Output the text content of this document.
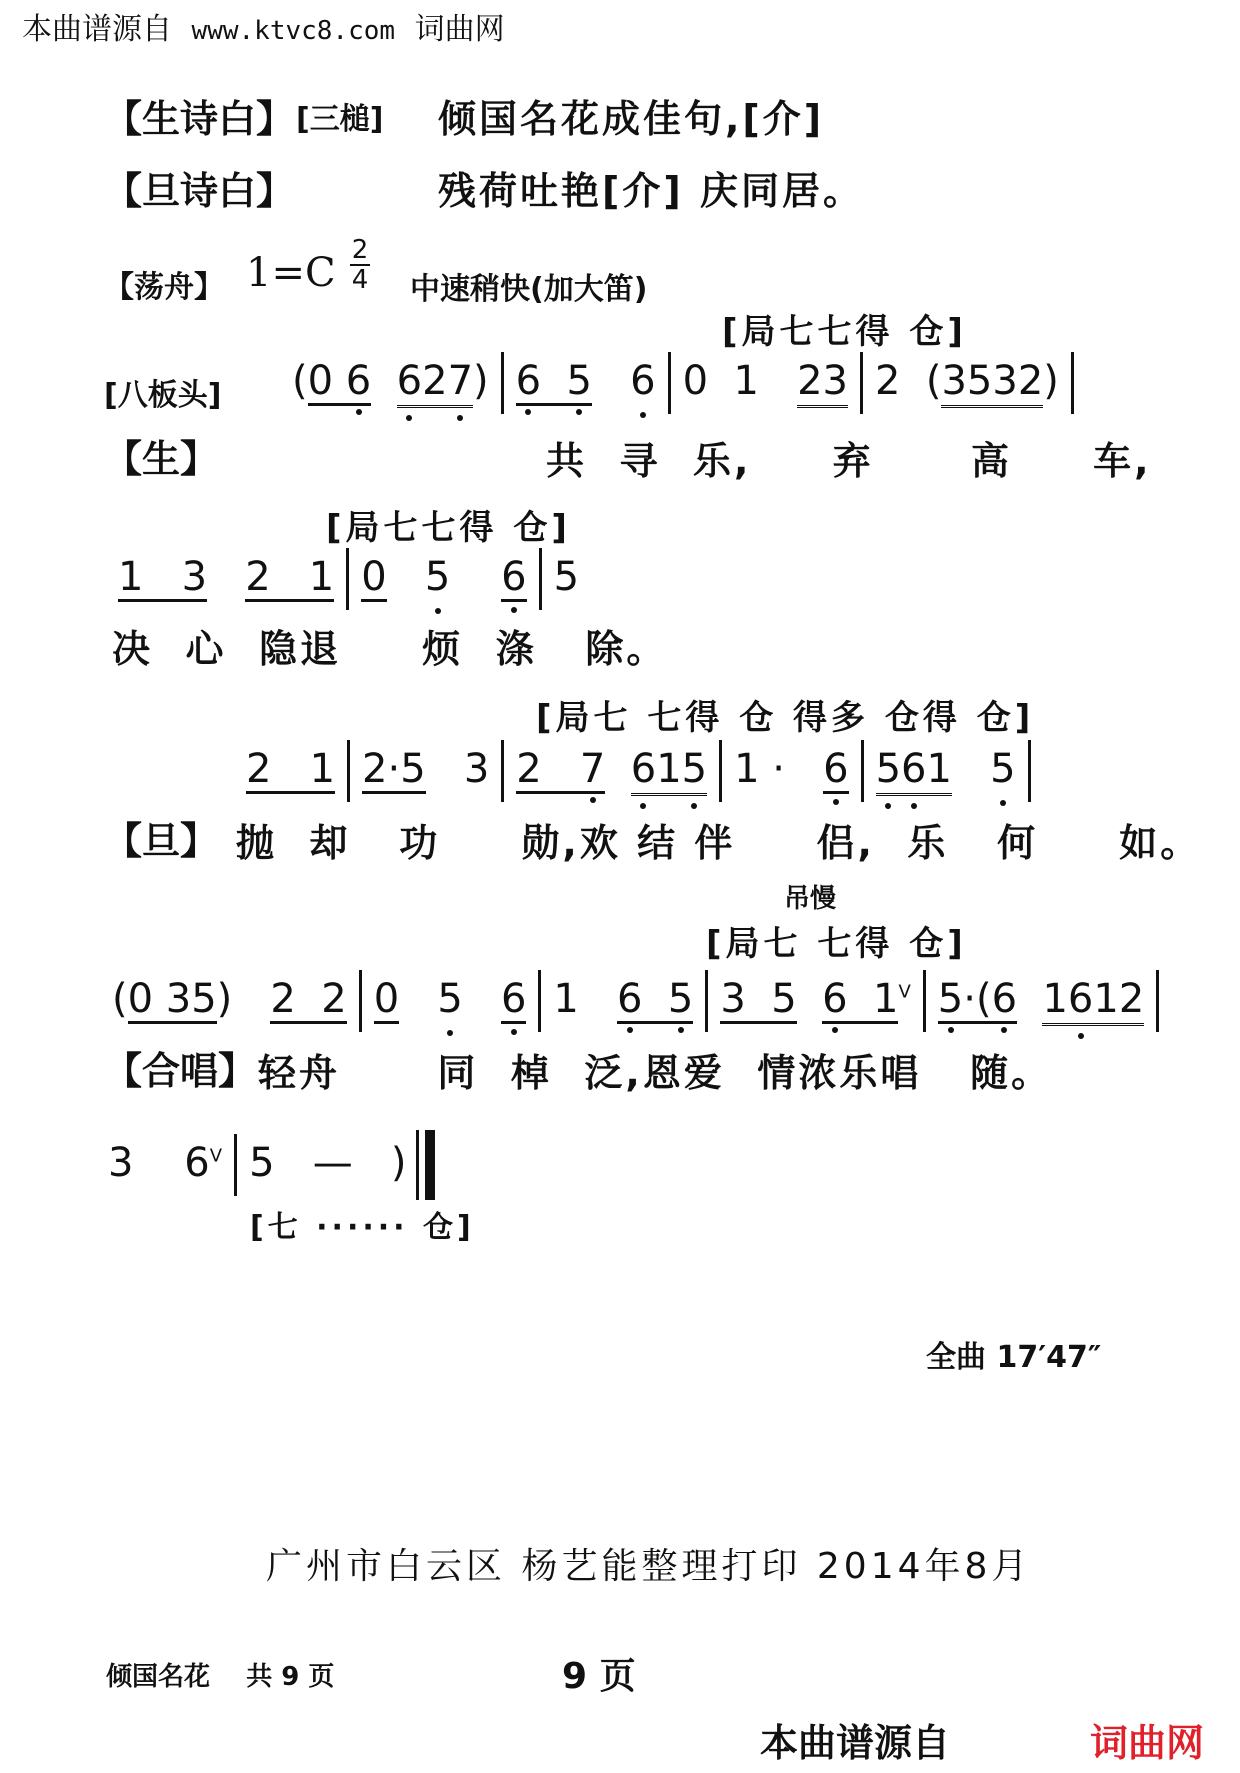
本曲谱源自 www.ktvc8.com 词曲网
【生诗白】 [三槌] 倾国名花成佳句,[介]
【旦诗白】	残荷吐艳[介] 庆同居。
【荡舟】 1=C 2
4 中速稍快(加大笛)
[局七七得 仓]
[八板头] (0 6 627) 6 5 6 0  1   23 2  (3532)
【生】	共 寻 乐, 弃	高 车,
[局七七得 仓]
1   3 2   1 0 5 6 5
决 心 隐退 烦 涤 除。
[局七 七得 仓 得多 仓得 仓]
2   1 2·5   3 2   7 615 1 ·   6 561 5
【旦】 抛 却 功 勋,欢 结 伴 侣, 乐 何 如。
吊慢
[局七 七得 仓]
(0 35)   2  2 0 5 6 1   6 5 3  5 6  $1^V$ 5·(6 1612
【合唱】 轻舟	同 棹 泛,恩爱 情浓乐唱 随。
3    $6^V$ 5   —   )
[七 ······ 仓]
全曲 17′47″
广州市白云区 杨艺能整理打印 2014年8月
倾国名花 共 9 页	9 页
本曲谱源自	词曲网
